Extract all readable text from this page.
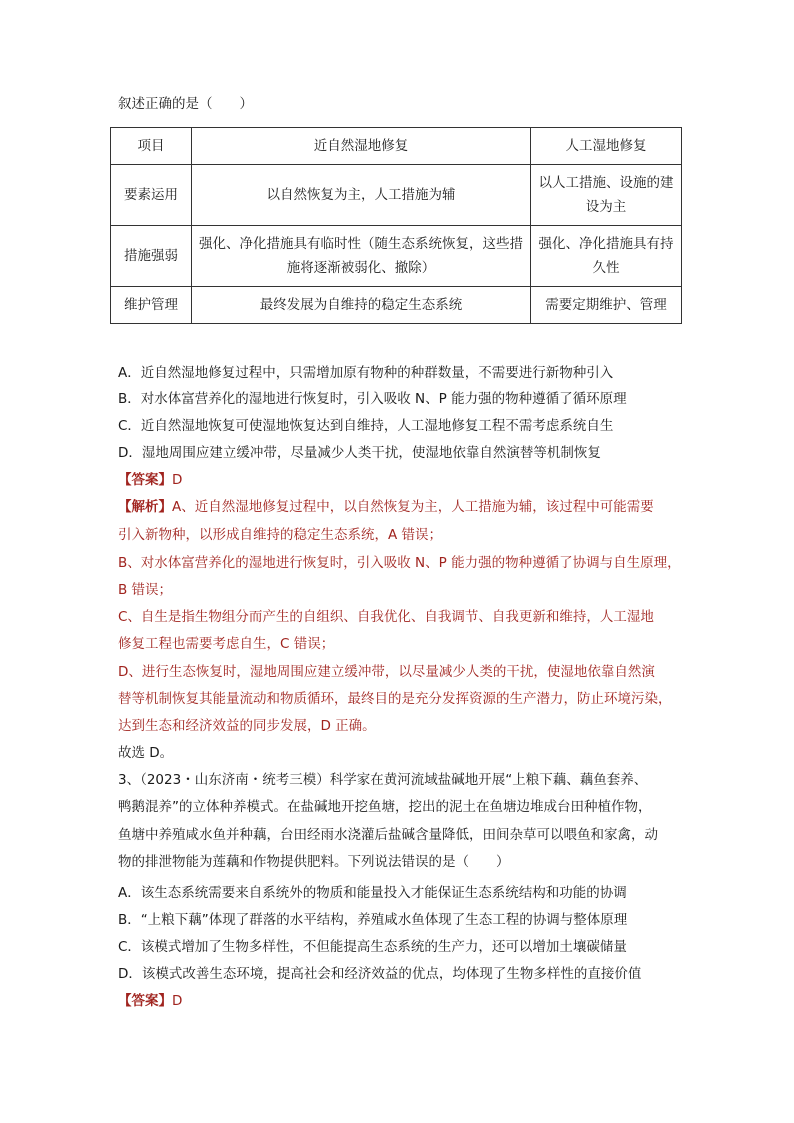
叙述正确的是（　　）
项目	近自然湿地修复	人工湿地修复
要素运用	以自然恢复为主，人工措施为辅	以人工措施、设施的建设为主
措施强弱	强化、净化措施具有临时性（随生态系统恢复，这些措施将逐渐被弱化、撤除）	强化、净化措施具有持久性
维护管理	最终发展为自维持的稳定生态系统	需要定期维护、管理
A．近自然湿地修复过程中，只需增加原有物种的种群数量，不需要进行新物种引入
B．对水体富营养化的湿地进行恢复时，引入吸收 N、P 能力强的物种遵循了循环原理
C．近自然湿地恢复可使湿地恢复达到自维持，人工湿地修复工程不需考虑系统自生
D．湿地周围应建立缓冲带，尽量减少人类干扰，使湿地依靠自然演替等机制恢复
【答案】D
【解析】A、近自然湿地修复过程中，以自然恢复为主，人工措施为辅，该过程中可能需要
引入新物种，以形成自维持的稳定生态系统，A 错误；
B、对水体富营养化的湿地进行恢复时，引入吸收 N、P 能力强的物种遵循了协调与自生原理，
B 错误；
C、自生是指生物组分而产生的自组织、自我优化、自我调节、自我更新和维持，人工湿地
修复工程也需要考虑自生，C 错误；
D、进行生态恢复时，湿地周围应建立缓冲带，以尽量减少人类的干扰，使湿地依靠自然演
替等机制恢复其能量流动和物质循环，最终目的是充分发挥资源的生产潜力，防止环境污染，
达到生态和经济效益的同步发展，D 正确。
故选 D。
3、（2023・山东济南・统考三模）科学家在黄河流域盐碱地开展“上粮下藕、藕鱼套养、
鸭鹅混养”的立体种养模式。在盐碱地开挖鱼塘，挖出的泥土在鱼塘边堆成台田种植作物，
鱼塘中养殖咸水鱼并种藕，台田经雨水浇灌后盐碱含量降低，田间杂草可以喂鱼和家禽，动
物的排泄物能为莲藕和作物提供肥料。下列说法错误的是（　　）
A．该生态系统需要来自系统外的物质和能量投入才能保证生态系统结构和功能的协调
B．“上粮下藕”体现了群落的水平结构，养殖咸水鱼体现了生态工程的协调与整体原理
C．该模式增加了生物多样性，不但能提高生态系统的生产力，还可以增加土壤碳储量
D．该模式改善生态环境，提高社会和经济效益的优点，均体现了生物多样性的直接价值
【答案】D
